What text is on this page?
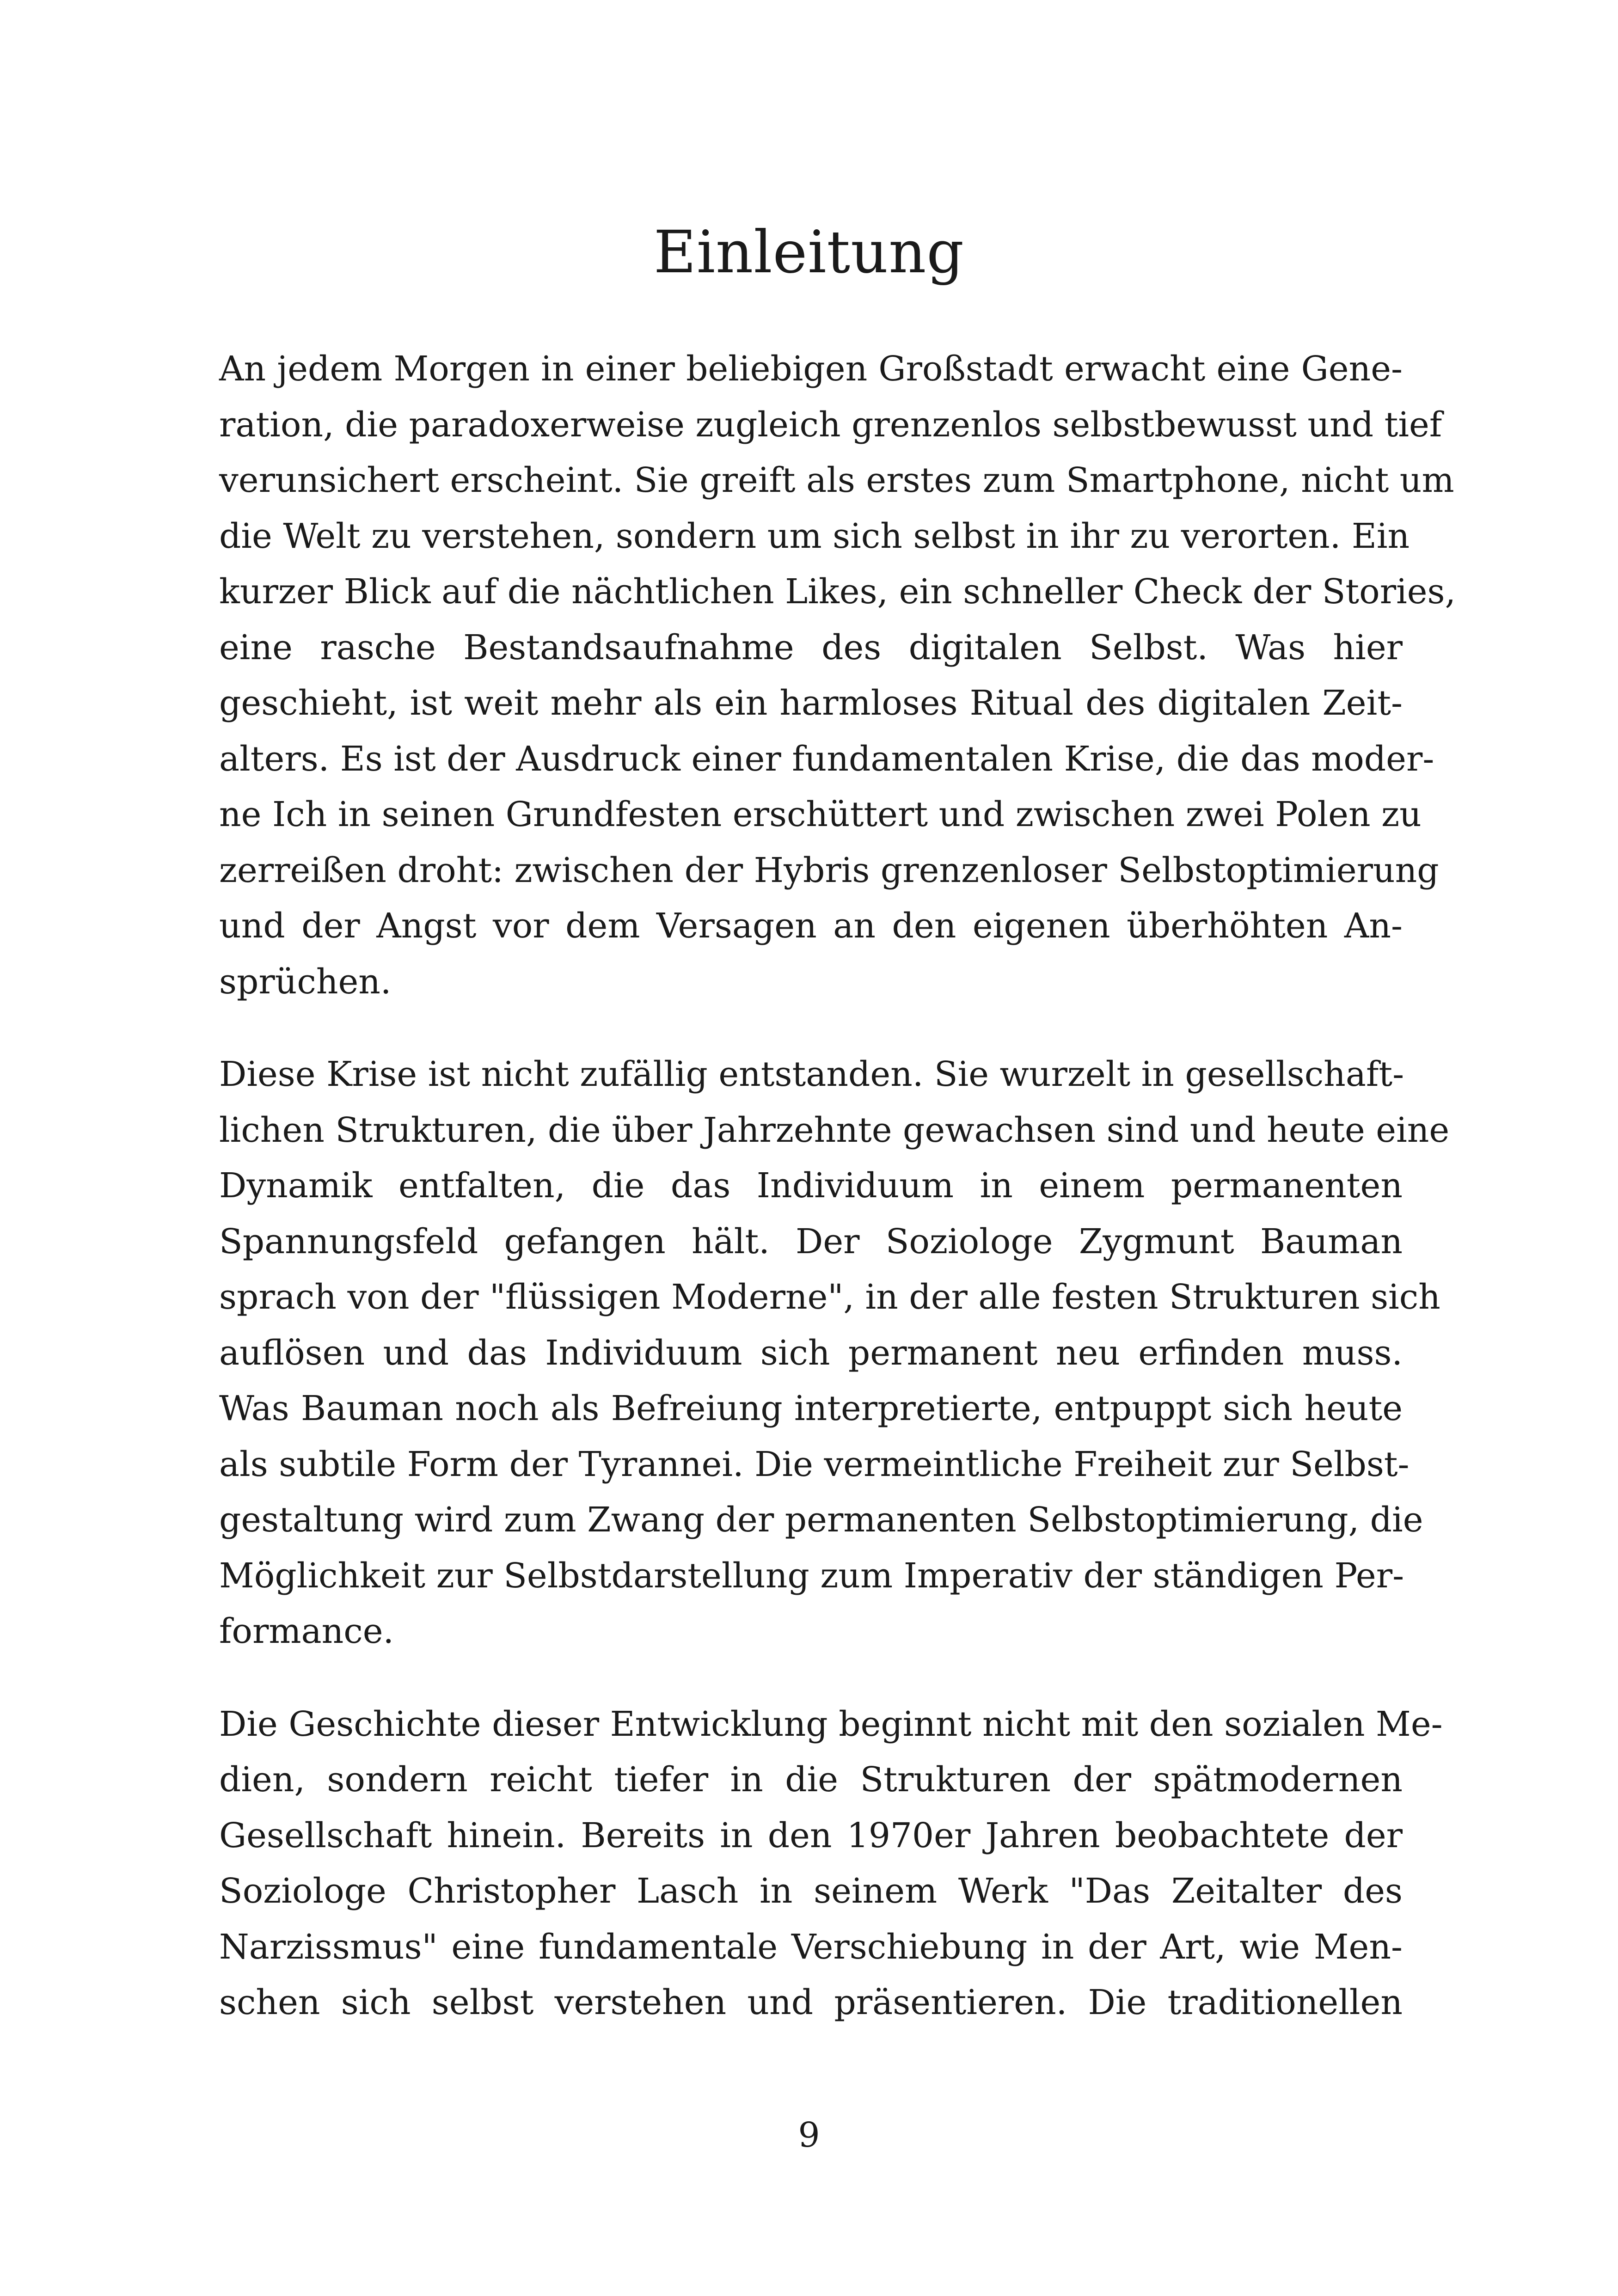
Einleitung

An jedem Morgen in einer beliebigen Großstadt erwacht eine Gene-
ration, die paradoxerweise zugleich grenzenlos selbstbewusst und tief
verunsichert erscheint. Sie greift als erstes zum Smartphone, nicht um
die Welt zu verstehen, sondern um sich selbst in ihr zu verorten. Ein
kurzer Blick auf die nächtlichen Likes, ein schneller Check der Stories,
eine rasche Bestandsaufnahme des digitalen Selbst. Was hier
geschieht, ist weit mehr als ein harmloses Ritual des digitalen Zeit-
alters. Es ist der Ausdruck einer fundamentalen Krise, die das moder-
ne Ich in seinen Grundfesten erschüttert und zwischen zwei Polen zu
zerreißen droht: zwischen der Hybris grenzenloser Selbstoptimierung
und der Angst vor dem Versagen an den eigenen überhöhten An-
sprüchen.

Diese Krise ist nicht zufällig entstanden. Sie wurzelt in gesellschaft-
lichen Strukturen, die über Jahrzehnte gewachsen sind und heute eine
Dynamik entfalten, die das Individuum in einem permanenten
Spannungsfeld gefangen hält. Der Soziologe Zygmunt Bauman
sprach von der "flüssigen Moderne", in der alle festen Strukturen sich
auflösen und das Individuum sich permanent neu erfinden muss.
Was Bauman noch als Befreiung interpretierte, entpuppt sich heute
als subtile Form der Tyrannei. Die vermeintliche Freiheit zur Selbst-
gestaltung wird zum Zwang der permanenten Selbstoptimierung, die
Möglichkeit zur Selbstdarstellung zum Imperativ der ständigen Per-
formance.

Die Geschichte dieser Entwicklung beginnt nicht mit den sozialen Me-
dien, sondern reicht tiefer in die Strukturen der spätmodernen
Gesellschaft hinein. Bereits in den 1970er Jahren beobachtete der
Soziologe Christopher Lasch in seinem Werk "Das Zeitalter des
Narzissmus" eine fundamentale Verschiebung in der Art, wie Men-
schen sich selbst verstehen und präsentieren. Die traditionellen

9
